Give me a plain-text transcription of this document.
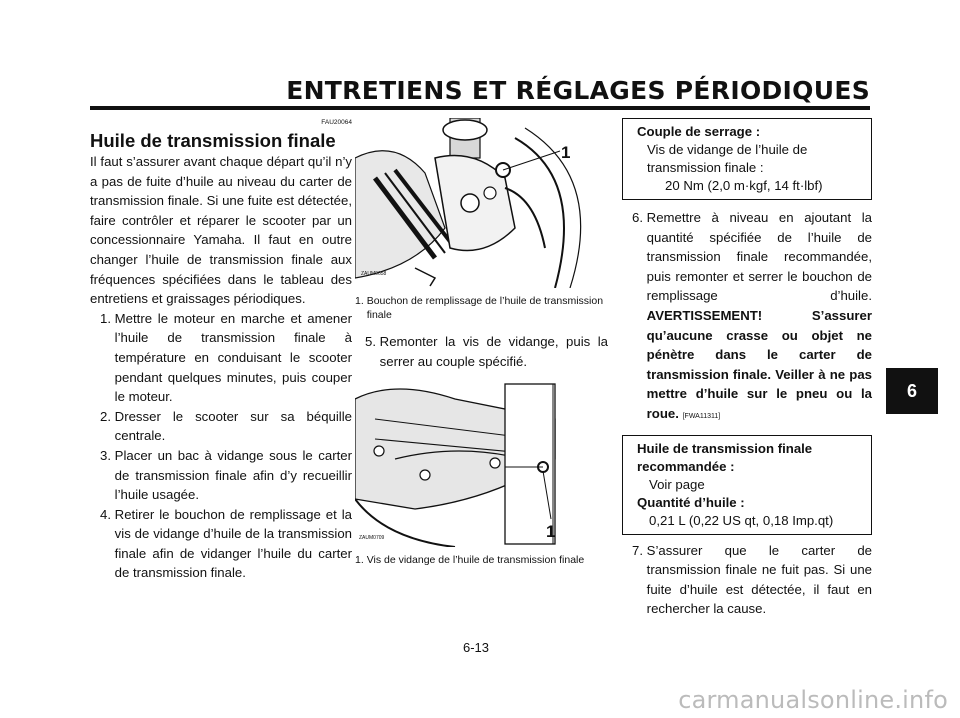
ENTRETIENS ET RÉGLAGES PÉRIODIQUES
6
FAU20064
Huile de transmission finale
Il faut s’assurer avant chaque départ qu’il n’y a pas de fuite d’huile au niveau du carter de transmission finale. Si une fuite est détectée, faire contrôler et réparer le scooter par un concessionnaire Yamaha. Il faut en outre changer l’huile de transmission finale aux fréquences spécifiées dans le tableau des entretiens et graissages périodiques.
1. Mettre le moteur en marche et amener l’huile de transmission finale à température en conduisant le scooter pendant quelques minutes, puis couper le moteur.
2. Dresser le scooter sur sa béquille centrale.
3. Placer un bac à vidange sous le carter de transmission finale afin d’y recueillir l’huile usagée.
4. Retirer le bouchon de remplissage et la vis de vidange d’huile de la transmission finale afin de vidanger l’huile du carter de transmission finale.
1
ZAUM0658
1. Bouchon de remplissage de l’huile de transmission finale
5. Remonter la vis de vidange, puis la serrer au couple spécifié.
1
ZAUM0709
1. Vis de vidange de l’huile de transmission finale
Couple de serrage :
Vis de vidange de l’huile de
transmission finale :
20 Nm (2,0 m·kgf, 14 ft·lbf)
6. Remettre à niveau en ajoutant la quantité spécifiée de l’huile de transmission finale recommandée, puis remonter et serrer le bouchon de remplissage d’huile. AVERTISSEMENT! S’assurer qu’aucune crasse ou objet ne pénètre dans le carter de transmission finale. Veiller à ne pas mettre d’huile sur le pneu ou la roue. [FWA11311]
Huile de transmission finale
recommandée :
Voir page
Quantité d’huile :
0,21 L (0,22 US qt, 0,18 Imp.qt)
7. S’assurer que le carter de transmission finale ne fuit pas. Si une fuite d’huile est détectée, il faut en rechercher la cause.
6-13
carmanualsonline.info
